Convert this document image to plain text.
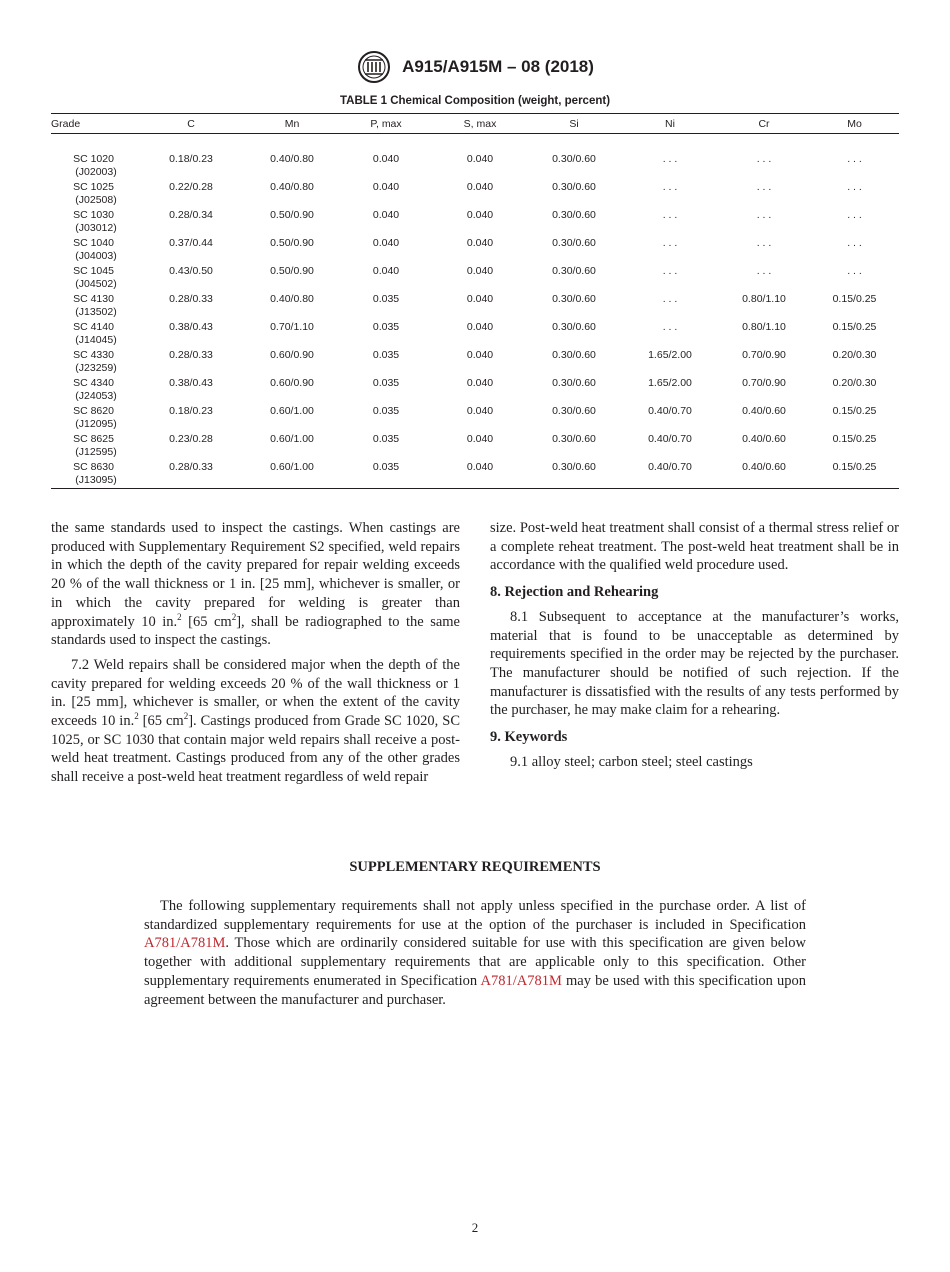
A915/A915M – 08 (2018)
TABLE 1 Chemical Composition (weight, percent)
Grade	C	Mn	P, max	S, max	Si	Ni	Cr	Mo

SC 1020
(J02003)	0.18/0.23	0.40/0.80	0.040	0.040	0.30/0.60	. . .	. . .	. . .
SC 1025
(J02508)	0.22/0.28	0.40/0.80	0.040	0.040	0.30/0.60	. . .	. . .	. . .
SC 1030
(J03012)	0.28/0.34	0.50/0.90	0.040	0.040	0.30/0.60	. . .	. . .	. . .
SC 1040
(J04003)	0.37/0.44	0.50/0.90	0.040	0.040	0.30/0.60	. . .	. . .	. . .
SC 1045
(J04502)	0.43/0.50	0.50/0.90	0.040	0.040	0.30/0.60	. . .	. . .	. . .
SC 4130
(J13502)	0.28/0.33	0.40/0.80	0.035	0.040	0.30/0.60	. . .	0.80/1.10	0.15/0.25
SC 4140
(J14045)	0.38/0.43	0.70/1.10	0.035	0.040	0.30/0.60	. . .	0.80/1.10	0.15/0.25
SC 4330
(J23259)	0.28/0.33	0.60/0.90	0.035	0.040	0.30/0.60	1.65/2.00	0.70/0.90	0.20/0.30
SC 4340
(J24053)	0.38/0.43	0.60/0.90	0.035	0.040	0.30/0.60	1.65/2.00	0.70/0.90	0.20/0.30
SC 8620
(J12095)	0.18/0.23	0.60/1.00	0.035	0.040	0.30/0.60	0.40/0.70	0.40/0.60	0.15/0.25
SC 8625
(J12595)	0.23/0.28	0.60/1.00	0.035	0.040	0.30/0.60	0.40/0.70	0.40/0.60	0.15/0.25
SC 8630
(J13095)	0.28/0.33	0.60/1.00	0.035	0.040	0.30/0.60	0.40/0.70	0.40/0.60	0.15/0.25

the same standards used to inspect the castings. When castings are produced with Supplementary Requirement S2 specified, weld repairs in which the depth of the cavity prepared for repair welding exceeds 20 % of the wall thickness or 1 in. [25 mm], whichever is smaller, or in which the cavity prepared for welding is greater than approximately 10 in.$^2$ [65 $cm^2$], shall be radiographed to the same standards used to inspect the castings.

7.2 Weld repairs shall be considered major when the depth of the cavity prepared for welding exceeds 20 % of the wall thickness or 1 in. [25 mm], whichever is smaller, or when the extent of the cavity exceeds 10 in.$^2$ [65 $cm^2$]. Castings produced from Grade SC 1020, SC 1025, or SC 1030 that contain major weld repairs shall receive a post-weld heat treatment. Castings produced from any of the other grades shall receive a post-weld heat treatment regardless of weld repair

size. Post-weld heat treatment shall consist of a thermal stress relief or a complete reheat treatment. The post-weld heat treatment shall be in accordance with the qualified weld procedure used.

8. Rejection and Rehearing

8.1 Subsequent to acceptance at the manufacturer’s works, material that is found to be unacceptable as determined by requirements specified in the order may be rejected by the purchaser. The manufacturer should be notified of such rejection. If the manufacturer is dissatisfied with the results of any tests performed by the purchaser, he may make claim for a rehearing.

9. Keywords

9.1 alloy steel; carbon steel; steel castings

SUPPLEMENTARY REQUIREMENTS
The following supplementary requirements shall not apply unless specified in the purchase order. A list of standardized supplementary requirements for use at the option of the purchaser is included in Specification A781/A781M. Those which are ordinarily considered suitable for use with this specification are given below together with additional supplementary requirements that are applicable only to this specification. Other supplementary requirements enumerated in Specification A781/A781M may be used with this specification upon agreement between the manufacturer and purchaser.
2
